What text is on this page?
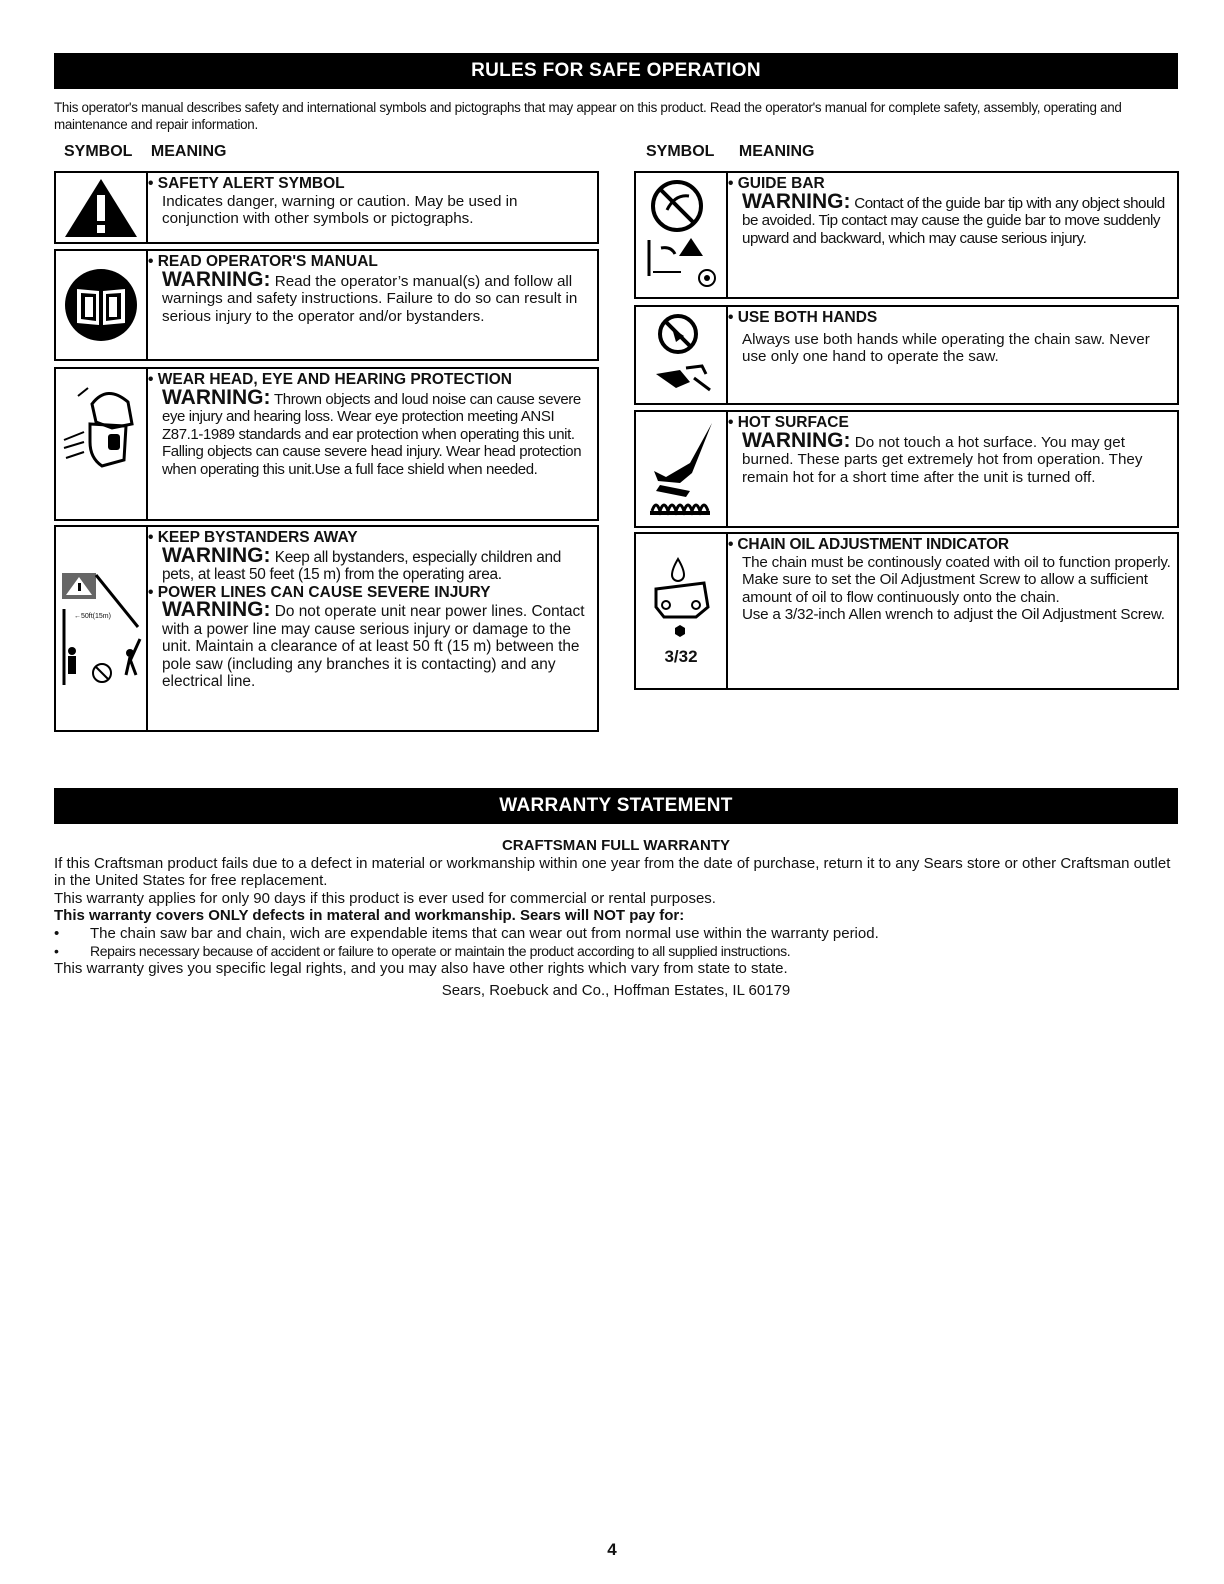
RULES FOR SAFE OPERATION
This operator's manual describes safety and international symbols and pictographs that may appear on this product. Read the operator's manual for complete safety, assembly, operating and maintenance and repair information.
SYMBOL MEANING	SYMBOL MEANING
• SAFETY ALERT SYMBOL

Indicates danger, warning or caution. May be used in conjunction with other symbols or pictographs.

• READ OPERATOR'S MANUAL

WARNING: Read the operator’s manual(s) and follow all warnings and safety instructions. Failure to do so can result in serious injury to the operator and/or bystanders.

• WEAR HEAD, EYE AND HEARING PROTECTION

WARNING: Thrown objects and loud noise can cause severe eye injury and hearing loss. Wear eye protection meeting ANSI Z87.1-1989 standards and ear protection when operating this unit. Falling objects can cause severe head injury. Wear head protection when operating this unit.Use a full face shield when needed.

←50ft(15m)
• KEEP BYSTANDERS AWAY

WARNING: Keep all bystanders, especially children and pets, at least 50 feet (15 m) from the operating area.

• POWER LINES CAN CAUSE SEVERE INJURY

WARNING: Do not operate unit near power lines. Contact with a power line may cause serious injury or damage to the unit. Maintain a clearance of at least 50 ft (15 m) between the pole saw (including any branches it is contacting) and any electrical line.

• GUIDE BAR

WARNING: Contact of the guide bar tip with any object should be avoided. Tip contact may cause the guide bar to move suddenly upward and backward, which may cause serious injury.

• USE BOTH HANDS

Always use both hands while operating the chain saw. Never use only one hand to operate the saw.

• HOT SURFACE

WARNING: Do not touch a hot surface. You may get burned. These parts get extremely hot from operation. They remain hot for a short time after the unit is turned off.

3/32
• CHAIN OIL ADJUSTMENT INDICATOR

The chain must be continously coated with oil to function properly. Make sure to set the Oil Adjustment Screw to allow a sufficient amount of oil to flow continuously onto the chain.

Use a 3/32-inch Allen wrench to adjust the Oil Adjustment Screw.

WARRANTY STATEMENT
CRAFTSMAN FULL WARRANTY
If this Craftsman product fails due to a defect in material or workmanship within one year from the date of purchase, return it to any Sears store or other Craftsman outlet in the United States for free replacement.
This warranty applies for only 90 days if this product is ever used for commercial or rental purposes.
This warranty covers ONLY defects in materal and workmanship. Sears will NOT pay for:
• The chain saw bar and chain, wich are expendable items that can wear out from normal use within the warranty period.
• Repairs necessary because of accident or failure to operate or maintain the product according to all supplied instructions.
This warranty gives you specific legal rights, and you may also have other rights which vary from state to state.
Sears, Roebuck and Co., Hoffman Estates, IL 60179
4
